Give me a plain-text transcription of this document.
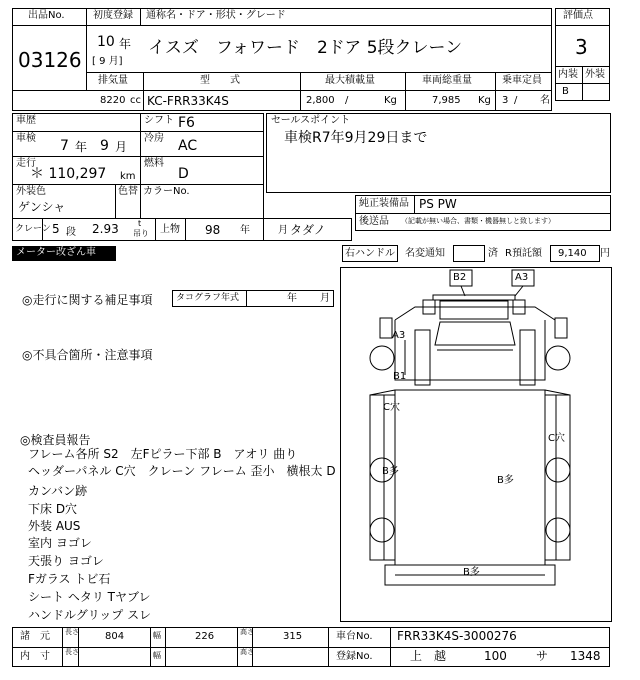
出品No.
03126
初度登録 通称名・ドア・形状・グレード
10 年
[ 9 月]
イスズ　フォワード　2ドア 5段クレーン
排気量	型　　式	最大積載量	車両総重量	乗車定員
8220 cc KC-FRR33K4S	2,800 /	Kg	7,985 Kg 3 / 名
評価点
3
内装 外装
B
車歴	シフト F6
車検 7 年 9 月
冷房 AC
走行
＊ 110,297 km
燃料
D
外装色
ゲンシャ
色替 カラーNo.
クレーン 5 段 2.93 t
吊り 上物 98 年	月 タダノ
セールスポイント
車検R7年9月29日まで
純正装備品 PS PW
後送品 （記載が無い場合、書類・機器無しと致します）
メーター改ざん車	右ハンドル 名変通知	済 R預託額 9,140 円
◎走行に関する補足事項	タコグラフ年式	年 月
◎不具合箇所・注意事項
◎検査員報告
フレーム各所 S2　左Fピラー下部 B　アオリ 曲り
ヘッダーパネル C穴　クレーン フレーム 歪小　横根太 D
カンバン跡
下床 D穴
外装 AUS
室内 ヨゴレ
天張り ヨゴレ
Fガラス トビ石
シート ヘタリ Tヤブレ
ハンドルグリップ スレ
B2	A3
A3
B1
C穴
C穴
B多
B多
B多
諸　元 長さ	804	幅	226	高さ	315
内　寸 長さ	幅	高さ
車台No. FRR33K4S-3000276
登録No.	上　越	100 サ 1348
